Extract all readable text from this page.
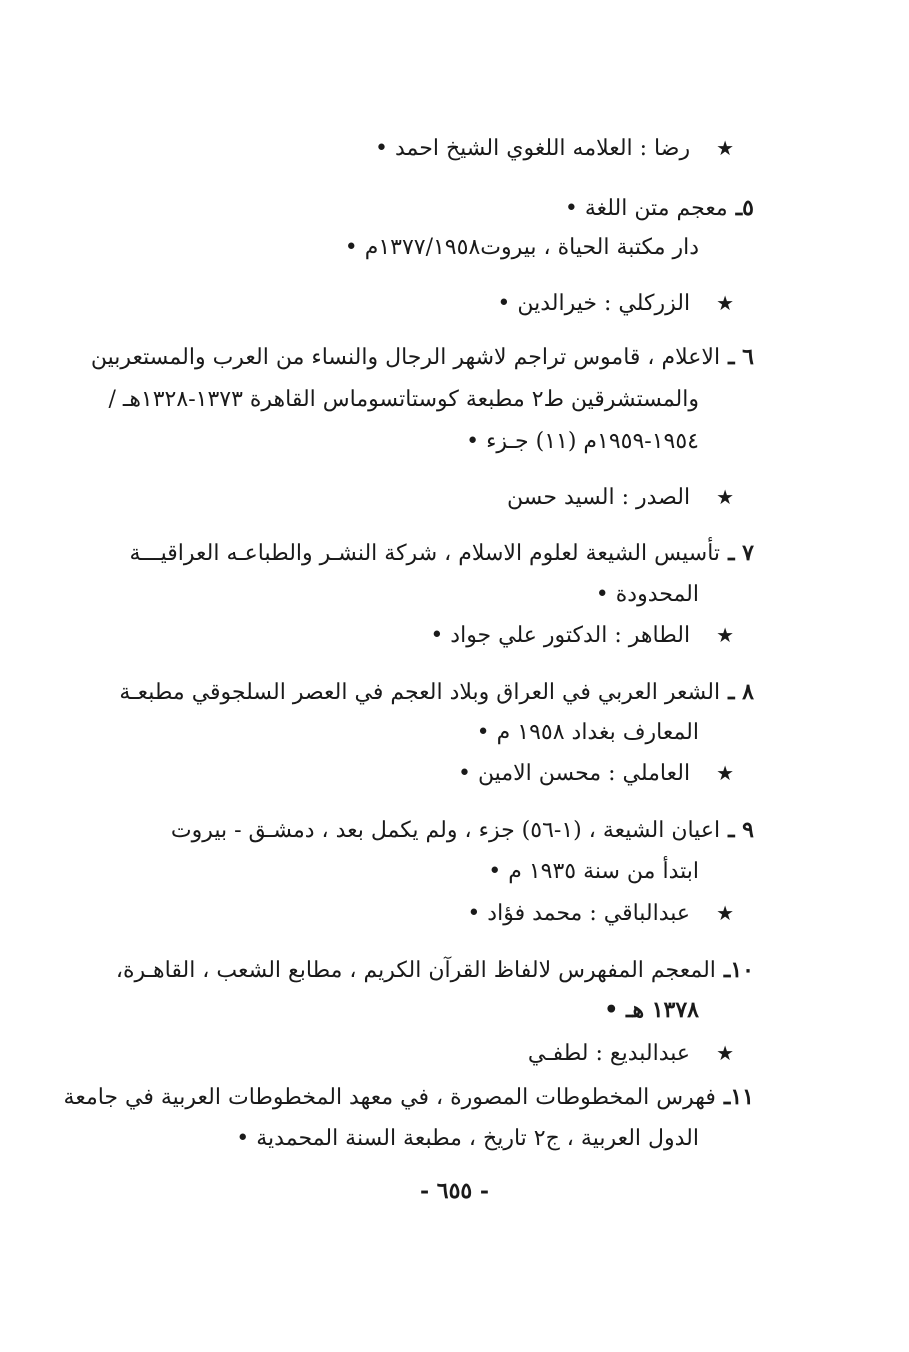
★رضا : العلامه اللغوي الشيخ احمد •
٥ـمعجم متن اللغة •
دار مكتبة الحياة ، بيروت١٣٧٧/١٩٥٨م •
★الزركلي : خيرالدين •
٦ ـالاعلام ، قاموس تراجم لاشهر الرجال والنساء من العرب والمستعربين
والمستشرقين ط٢ مطبعة كوستاتسوماس القاهرة ١٣٧٣-١٣٢٨هـ /
١٩٥٤-١٩٥٩م (١١) جـزء •
★الصدر : السيد حسن
٧ ـتأسيس الشيعة لعلوم الاسلام ، شركة النشـر والطباعـه العراقيـــة
المحدودة •
★الطاهر : الدكتور علي جواد •
٨ ـالشعر العربي في العراق وبلاد العجم في العصر السلجوقي مطبعـة
المعارف بغداد ١٩٥٨ م •
★العاملي : محسن الامين •
٩ ـاعيان الشيعة ، (١-٥٦) جزء ، ولم يكمل بعد ، دمشـق - بيروت
ابتدأ من سنة ١٩٣٥ م •
★عبدالباقي : محمد فؤاد •
١٠ـالمعجم المفهرس لالفاظ القرآن الكريم ، مطابع الشعب ، القاهـرة،
١٣٧٨ هـ •
★عبدالبديع : لطفـي
١١ـفهرس المخطوطات المصورة ، في معهد المخطوطات العربية في جامعة
الدول العربية ، ج٢ تاريخ ، مطبعة السنة المحمدية •
- ٦٥٥ -
